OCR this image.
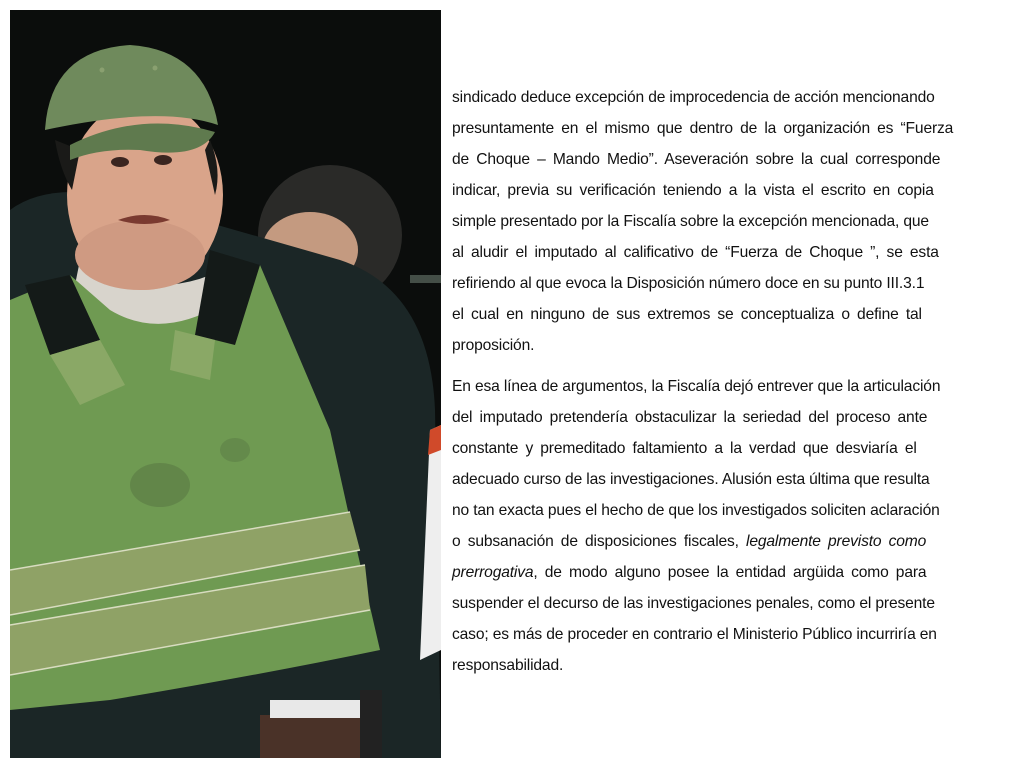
sindicado deduce excepción de improcedencia de acción mencionando
presuntamente en el mismo que dentro de la organización es “Fuerza
de Choque – Mando Medio”. Aseveración sobre la cual corresponde
indicar, previa su verificación teniendo a la vista el escrito en copia
simple presentado por la Fiscalía sobre la excepción mencionada, que
al aludir el imputado al calificativo de “Fuerza de Choque ”, se esta
refiriendo al que evoca la Disposición número doce en su punto III.3.1
el cual en ninguno de sus extremos se conceptualiza o define tal
proposición.
En esa línea de argumentos, la Fiscalía dejó entrever que la articulación
del imputado pretendería obstaculizar la seriedad del proceso ante
constante y premeditado faltamiento a la verdad que desviaría el
adecuado curso de las investigaciones. Alusión esta última que resulta
no tan exacta pues el hecho de que los investigados soliciten aclaración
o subsanación de disposiciones fiscales, legalmente previsto como
prerrogativa, de modo alguno posee la entidad argüida como para
suspender el decurso de las investigaciones penales, como el presente
caso; es más de proceder en contrario el Ministerio Público incurriría en
responsabilidad.
